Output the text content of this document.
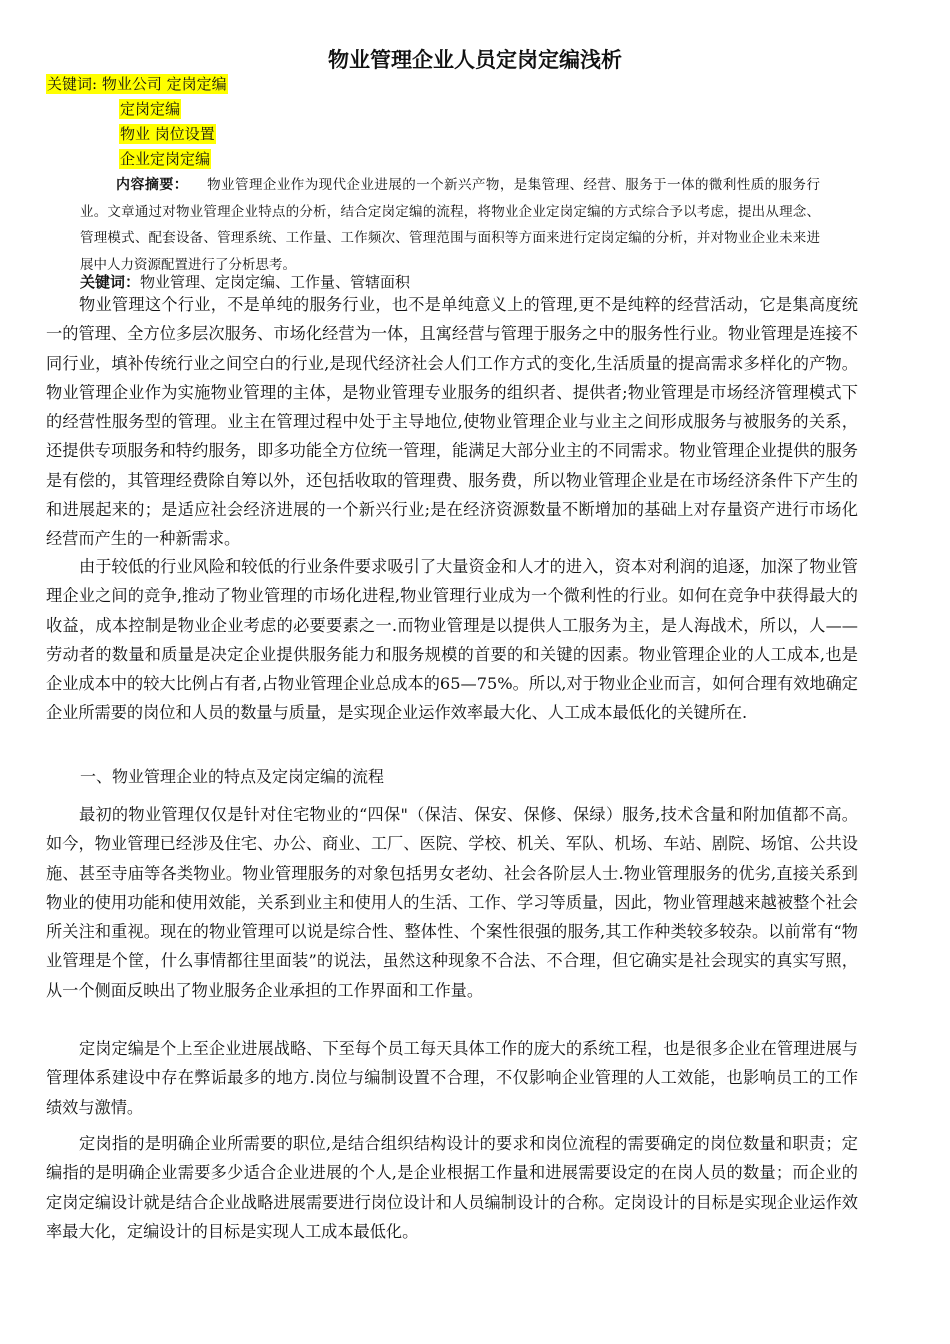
物业管理企业人员定岗定编浅析
关键词: 物业公司 定岗定编
定岗定编
物业 岗位设置
企业定岗定编

内容摘要： 物业管理企业作为现代企业进展的一个新兴产物，是集管理、经营、服务于一体的微利性质的服务行业。文章通过对物业管理企业特点的分析，结合定岗定编的流程，将物业企业定岗定编的方式综合予以考虑，提出从理念、管理模式、配套设备、管理系统、工作量、工作频次、管理范围与面积等方面来进行定岗定编的分析，并对物业企业未来进展中人力资源配置进行了分析思考。

关键词：物业管理、定岗定编、工作量、管辖面积

物业管理这个行业，不是单纯的服务行业，也不是单纯意义上的管理,更不是纯粹的经营活动，它是集高度统一的管理、全方位多层次服务、市场化经营为一体，且寓经营与管理于服务之中的服务性行业。物业管理是连接不同行业，填补传统行业之间空白的行业,是现代经济社会人们工作方式的变化,生活质量的提高需求多样化的产物。物业管理企业作为实施物业管理的主体，是物业管理专业服务的组织者、提供者;物业管理是市场经济管理模式下的经营性服务型的管理。业主在管理过程中处于主导地位,使物业管理企业与业主之间形成服务与被服务的关系，还提供专项服务和特约服务，即多功能全方位统一管理，能满足大部分业主的不同需求。物业管理企业提供的服务是有偿的，其管理经费除自筹以外，还包括收取的管理费、服务费，所以物业管理企业是在市场经济条件下产生的和进展起来的；是适应社会经济进展的一个新兴行业;是在经济资源数量不断增加的基础上对存量资产进行市场化经营而产生的一种新需求。

由于较低的行业风险和较低的行业条件要求吸引了大量资金和人才的进入，资本对利润的追逐，加深了物业管理企业之间的竞争,推动了物业管理的市场化进程,物业管理行业成为一个微利性的行业。如何在竞争中获得最大的收益，成本控制是物业企业考虑的必要要素之一.而物业管理是以提供人工服务为主，是人海战术，所以，人——劳动者的数量和质量是决定企业提供服务能力和服务规模的首要的和关键的因素。物业管理企业的人工成本,也是企业成本中的较大比例占有者,占物业管理企业总成本的65—75%。所以,对于物业企业而言，如何合理有效地确定企业所需要的岗位和人员的数量与质量，是实现企业运作效率最大化、人工成本最低化的关键所在.

一、物业管理企业的特点及定岗定编的流程

最初的物业管理仅仅是针对住宅物业的“四保"（保洁、保安、保修、保绿）服务,技术含量和附加值都不高。如今，物业管理已经涉及住宅、办公、商业、工厂、医院、学校、机关、军队、机场、车站、剧院、场馆、公共设施、甚至寺庙等各类物业。物业管理服务的对象包括男女老幼、社会各阶层人士.物业管理服务的优劣,直接关系到物业的使用功能和使用效能，关系到业主和使用人的生活、工作、学习等质量，因此，物业管理越来越被整个社会所关注和重视。现在的物业管理可以说是综合性、整体性、个案性很强的服务,其工作种类较多较杂。以前常有“物业管理是个筐，什么事情都往里面装”的说法，虽然这种现象不合法、不合理，但它确实是社会现实的真实写照，从一个侧面反映出了物业服务企业承担的工作界面和工作量。

定岗定编是个上至企业进展战略、下至每个员工每天具体工作的庞大的系统工程，也是很多企业在管理进展与管理体系建设中存在弊诟最多的地方.岗位与编制设置不合理，不仅影响企业管理的人工效能，也影响员工的工作绩效与激情。

定岗指的是明确企业所需要的职位,是结合组织结构设计的要求和岗位流程的需要确定的岗位数量和职责；定编指的是明确企业需要多少适合企业进展的个人,是企业根据工作量和进展需要设定的在岗人员的数量；而企业的定岗定编设计就是结合企业战略进展需要进行岗位设计和人员编制设计的合称。定岗设计的目标是实现企业运作效率最大化，定编设计的目标是实现人工成本最低化。
